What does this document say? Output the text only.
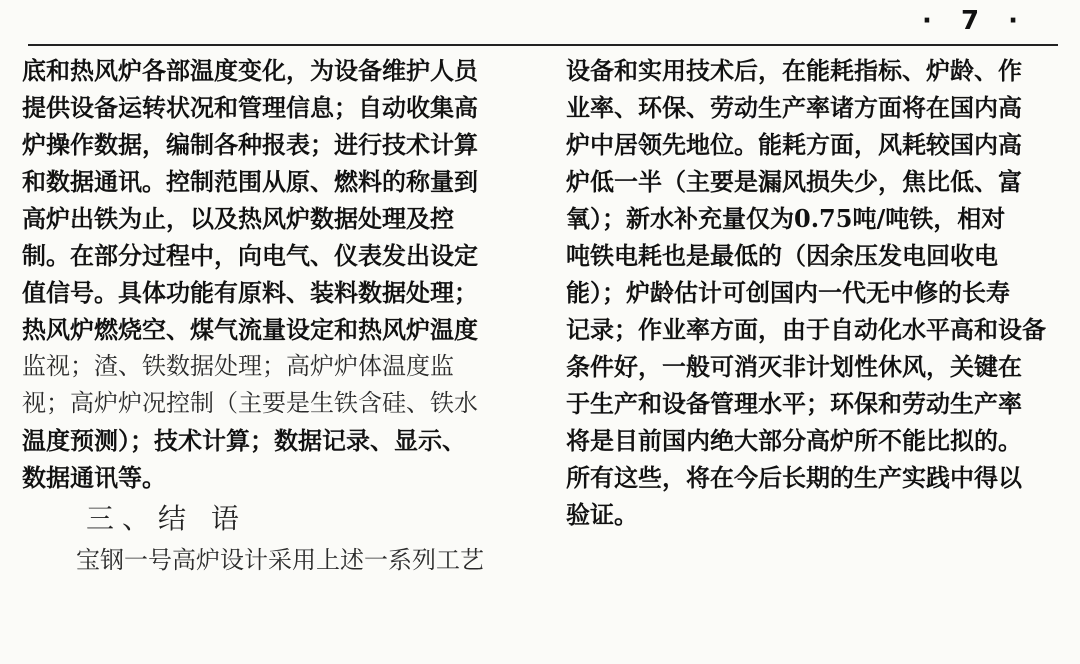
· 7 ·
底和热风炉各部温度变化，为设备维护人员
提供设备运转状况和管理信息；自动收集高
炉操作数据，编制各种报表；进行技术计算
和数据通讯。控制范围从原、燃料的称量到
高炉出铁为止，以及热风炉数据处理及控
制。在部分过程中，向电气、仪表发出设定
值信号。具体功能有原料、装料数据处理；
热风炉燃烧空、煤气流量设定和热风炉温度
监视；渣、铁数据处理；高炉炉体温度监
视；高炉炉况控制（主要是生铁含硅、铁水
温度预测）；技术计算；数据记录、显示、
数据通讯等。
三、结 语
宝钢一号高炉设计采用上述一系列工艺
设备和实用技术后，在能耗指标、炉龄、作
业率、环保、劳动生产率诸方面将在国内高
炉中居领先地位。能耗方面，风耗较国内高
炉低一半（主要是漏风损失少，焦比低、富
氧）；新水补充量仅为0.75吨/吨铁，相对
吨铁电耗也是最低的（因余压发电回收电
能）；炉龄估计可创国内一代无中修的长寿
记录；作业率方面，由于自动化水平高和设备
条件好，一般可消灭非计划性休风，关键在
于生产和设备管理水平；环保和劳动生产率
将是目前国内绝大部分高炉所不能比拟的。
所有这些，将在今后长期的生产实践中得以
验证。
